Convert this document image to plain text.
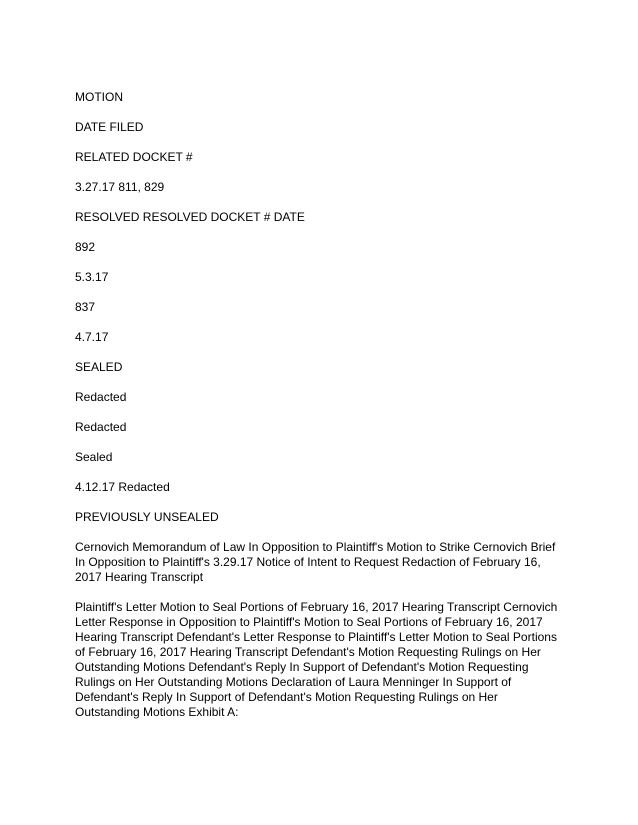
MOTION
DATE FILED
RELATED DOCKET #
3.27.17 811, 829
RESOLVED RESOLVED DOCKET # DATE
892
5.3.17
837
4.7.17
SEALED
Redacted
Redacted
Sealed
4.12.17 Redacted
PREVIOUSLY UNSEALED
Cernovich Memorandum of Law In Opposition to Plaintiff's Motion to Strike Cernovich Brief In Opposition to Plaintiff's 3.29.17 Notice of Intent to Request Redaction of February 16, 2017 Hearing Transcript
Plaintiff's Letter Motion to Seal Portions of February 16, 2017 Hearing Transcript Cernovich Letter Response in Opposition to Plaintiff's Motion to Seal Portions of February 16, 2017 Hearing Transcript Defendant's Letter Response to Plaintiff's Letter Motion to Seal Portions of February 16, 2017 Hearing Transcript Defendant's Motion Requesting Rulings on Her Outstanding Motions Defendant's Reply In Support of Defendant's Motion Requesting Rulings on Her Outstanding Motions Declaration of Laura Menninger In Support of Defendant's Reply In Support of Defendant's Motion Requesting Rulings on Her Outstanding Motions Exhibit A:
